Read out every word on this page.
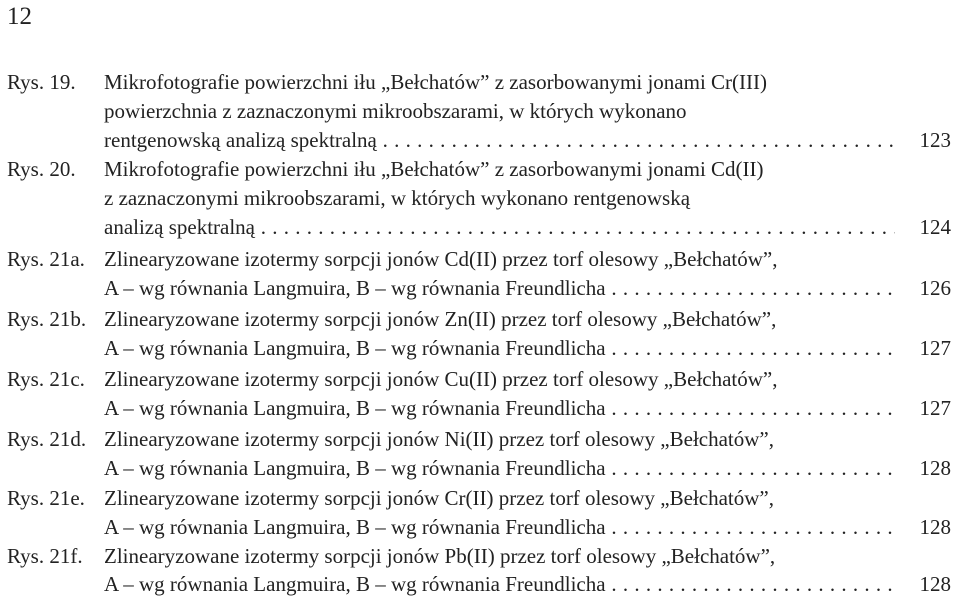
12
Rys. 19. Mikrofotografie powierzchni iłu „Bełchatów” z zasorbowanymi jonami Cr(III)
powierzchnia z zaznaczonymi mikroobszarami, w których wykonano
rentgenowską analizą spektralną . . .	123
Rys. 20. Mikrofotografie powierzchni iłu „Bełchatów” z zasorbowanymi jonami Cd(II)
z zaznaczonymi mikroobszarami, w których wykonano rentgenowską
analizą spektralną . . .	124
Rys. 21a. Zlinearyzowane izotermy sorpcji jonów Cd(II) przez torf olesowy „Bełchatów”,
A – wg równania Langmuira, B – wg równania Freundlicha . . .	126
Rys. 21b. Zlinearyzowane izotermy sorpcji jonów Zn(II) przez torf olesowy „Bełchatów”,
A – wg równania Langmuira, B – wg równania Freundlicha . . .	127
Rys. 21c. Zlinearyzowane izotermy sorpcji jonów Cu(II) przez torf olesowy „Bełchatów”,
A – wg równania Langmuira, B – wg równania Freundlicha . . .	127
Rys. 21d. Zlinearyzowane izotermy sorpcji jonów Ni(II) przez torf olesowy „Bełchatów”,
A – wg równania Langmuira, B – wg równania Freundlicha . . .	128
Rys. 21e. Zlinearyzowane izotermy sorpcji jonów Cr(II) przez torf olesowy „Bełchatów”,
A – wg równania Langmuira, B – wg równania Freundlicha . . .	128
Rys. 21f. Zlinearyzowane izotermy sorpcji jonów Pb(II) przez torf olesowy „Bełchatów”,
A – wg równania Langmuira, B – wg równania Freundlicha . . .	128
